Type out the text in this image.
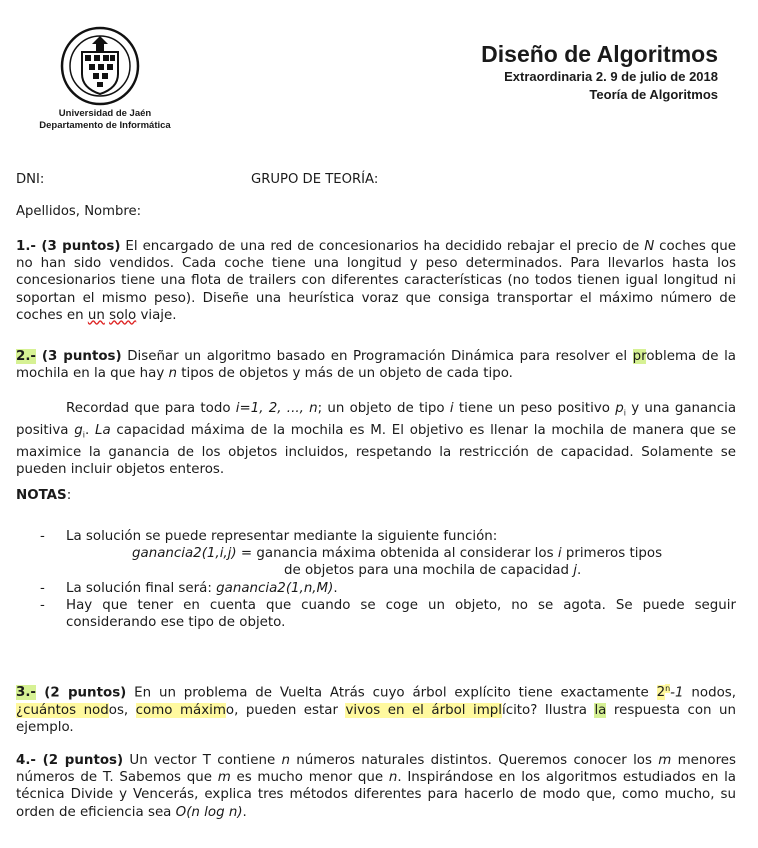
Universidad de Jaén
Departamento de Informática
Diseño de Algoritmos
Extraordinaria 2. 9 de julio de 2018
Teoría de Algoritmos
DNI:	GRUPO DE TEORÍA:
Apellidos, Nombre:
1.- (3 puntos) El encargado de una red de concesionarios ha decidido rebajar el precio de N coches que no han sido vendidos. Cada coche tiene una longitud y peso determinados. Para llevarlos hasta los concesionarios tiene una flota de trailers con diferentes características (no todos tienen igual longitud ni soportan el mismo peso). Diseñe una heurística voraz que consiga transportar el máximo número de coches en un solo viaje.
2.- (3 puntos) Diseñar un algoritmo basado en Programación Dinámica para resolver el problema de la mochila en la que hay n tipos de objetos y más de un objeto de cada tipo.
Recordad que para todo i=1, 2, ..., n; un objeto de tipo i tiene un peso positivo $p_i$ y una ganancia positiva $g_i$. La capacidad máxima de la mochila es M. El objetivo es llenar la mochila de manera que se maximice la ganancia de los objetos incluidos, respetando la restricción de capacidad. Solamente se pueden incluir objetos enteros.
NOTAS:
- La solución se puede representar mediante la siguiente función:
ganancia2(1,i,j) = ganancia máxima obtenida al considerar los i primeros tipos
de objetos para una mochila de capacidad j.
- La solución final será: ganancia2(1,n,M).
- Hay que tener en cuenta que cuando se coge un objeto, no se agota. Se puede seguir considerando ese tipo de objeto.
3.- (2 puntos) En un problema de Vuelta Atrás cuyo árbol explícito tiene exactamente 2$^n$-1 nodos, ¿cuántos nodos, como máximo, pueden estar vivos en el árbol implícito? Ilustra la respuesta con un ejemplo.
4.- (2 puntos) Un vector T contiene n números naturales distintos. Queremos conocer los m menores números de T. Sabemos que m es mucho menor que n. Inspirándose en los algoritmos estudiados en la técnica Divide y Vencerás, explica tres métodos diferentes para hacerlo de modo que, como mucho, su orden de eficiencia sea O(n log n).
